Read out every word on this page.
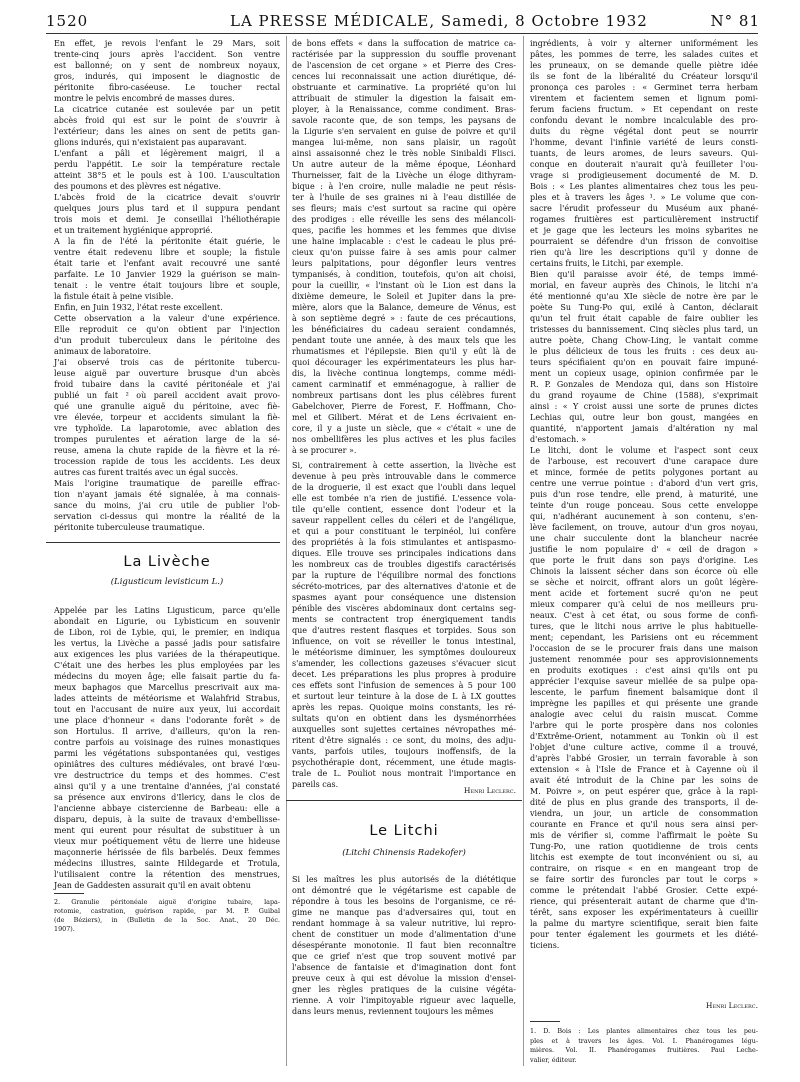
1520	LA PRESSE MÉDICALE, Samedi, 8 Octobre 1932	N° 81
En effet, je revois l'enfant le 29 Mars, soit
trente-cinq jours après l'accident. Son ventre
est ballonné; on y sent de nombreux noyaux,
gros, indurés, qui imposent le diagnostic de
péritonite fibro-caséeuse. Le toucher rectal
montre le pelvis encombré de masses dures.
La cicatrice cutanée est soulevée par un petit
abcès froid qui est sur le point de s'ouvrir à
l'extérieur; dans les aines on sent de petits gan-
glions indurés, qui n'existaient pas auparavant.
L'enfant a pâli et légèrement maigri, il a
perdu l'appétit. Le soir la température rectale
atteint 38°5 et le pouls est à 100. L'auscultation
des poumons et des plèvres est négative.
L'abcès froid de la cicatrice devait s'ouvrir
quelques jours plus tard et il suppura pendant
trois mois et demi. Je conseillai l'héliothérapie
et un traitement hygiénique approprié.
A la fin de l'été la péritonite était guérie, le
ventre était redevenu libre et souple; la fistule
était tarie et l'enfant avait recouvré une santé
parfaite. Le 10 Janvier 1929 la guérison se main-
tenait : le ventre était toujours libre et souple,
la fistule était à peine visible.
Enfin, en Juin 1932, l'état reste excellent.
Cette observation a la valeur d'une expérience.
Elle reproduit ce qu'on obtient par l'injection
d'un produit tuberculeux dans le péritoine des
animaux de laboratoire.
J'ai observé trois cas de péritonite tubercu-
leuse aiguë par ouverture brusque d'un abcès
froid tubaire dans la cavité péritonéale et j'ai
publié un fait ² où pareil accident avait provo-
qué une granulie aiguë du péritoine, avec fiè-
vre élevée, torpeur et accidents simulant la fiè-
vre typhoïde. La laparotomie, avec ablation des
trompes purulentes et aération large de la sé-
reuse, amena la chute rapide de la fièvre et la ré-
trocession rapide de tous les accidents. Les deux
autres cas furent traités avec un égal succès.
Mais l'origine traumatique de pareille effrac-
tion n'ayant jamais été signalée, à ma connais-
sance du moins, j'ai cru utile de publier l'ob-
servation ci-dessus qui montre la réalité de la
péritonite tuberculeuse traumatique.
La Livèche
(Ligusticum levisticum L.)
Appelée par les Latins Ligusticum, parce qu'elle
abondait en Ligurie, ou Lybisticum en souvenir
de Libon, roi de Lybie, qui, le premier, en indiqua
les vertus, la Livèche a passé jadis pour satisfaire
aux exigences les plus variées de la thérapeutique.
C'était une des herbes les plus employées par les
médecins du moyen âge; elle faisait partie du fa-
meux baphagos que Marcellus prescrivait aux ma-
lades atteints de météorisme et Walahfrid Strabus,
tout en l'accusant de nuire aux yeux, lui accordait
une place d'honneur « dans l'odorante forêt » de
son Hortulus. Il arrive, d'ailleurs, qu'on la ren-
contre parfois au voisinage des ruines monastiques
parmi les végétations subspontanées qui, vestiges
opiniâtres des cultures médiévales, ont bravé l'œu-
vre destructrice du temps et des hommes. C'est
ainsi qu'il y a une trentaine d'années, j'ai constaté
sa présence aux environs d'Ilericy, dans le clos de
l'ancienne abbaye cistercienne de Barbeau: elle a
disparu, depuis, à la suite de travaux d'embellisse-
ment qui eurent pour résultat de substituer à un
vieux mur poétiquement vêtu de lierre une hideuse
maçonnerie hérissée de fils barbelés. Deux femmes
médecins illustres, sainte Hildegarde et Trotula,
l'utilisaient contre la rétention des menstrues,
Jean de Gaddesten assurait qu'il en avait obtenu
2. Granulie péritonéale aiguë d'origine tubaire, lapa-
rotomie, castration, guérison rapide, par M. P. Guibal
(de Béziers), in (Bulletin de la Soc. Anat., 20 Déc.
1907).
de bons effets « dans la suffocation de matrice ca-
ractérisée par la suppression du souffle provenant
de l'ascension de cet organe » et Pierre des Cres-
cences lui reconnaissait une action diurétique, dé-
obstruante et carminative. La propriété qu'on lui
attribuait de stimuler la digestion la faisait em-
ployer, à la Renaissance, comme condiment. Bras-
savole raconte que, de son temps, les paysans de
la Ligurie s'en servaient en guise de poivre et qu'il
mangea lui-même, non sans plaisir, un ragoût
ainsi assaisonné chez le très noble Sinibaldi Flisci.
Un autre auteur de la même époque, Léonhard
Thurneisser, fait de la Livèche un éloge dithyram-
bique : à l'en croire, nulle maladie ne peut résis-
ter à l'huile de ses graines ni à l'eau distillée de
ses fleurs; mais c'est surtout sa racine qui opère
des prodiges : elle réveille les sens des mélancoli-
ques, pacifie les hommes et les femmes que divise
une haine implacable : c'est le cadeau le plus pré-
cieux qu'on puisse faire à ses amis pour calmer
leurs palpitations, pour dégonfler leurs ventres
tympanisés, à condition, toutefois, qu'on ait choisi,
pour la cueillir, « l'instant où le Lion est dans la
dixième demeure, le Soleil et Jupiter dans la pre-
mière, alors que la Balance, demeure de Vénus, est
à son septième degré » : faute de ces précautions,
les bénéficiaires du cadeau seraient condamnés,
pendant toute une année, à des maux tels que les
rhumatismes et l'épilepsie. Bien qu'il y eût là de
quoi décourager les expérimentateurs les plus har-
dis, la livèche continua longtemps, comme médi-
cament carminatif et emménagogue, à rallier de
nombreux partisans dont les plus célèbres furent
Gabelchover, Pierre de Forest, F. Hoffmann, Cho-
mel et Gilibert. Mérat et de Lens écrivaient en-
core, il y a juste un siècle, que « c'était « une de
nos ombellifères les plus actives et les plus faciles
à se procurer ».
Si, contrairement à cette assertion, la livèche est
devenue à peu près introuvable dans le commerce
de la droguerie, il est exact que l'oubli dans lequel
elle est tombée n'a rien de justifié. L'essence vola-
tile qu'elle contient, essence dont l'odeur et la
saveur rappellent celles du céleri et de l'angélique,
et qui a pour constituant le terpinéol, lui confère
des propriétés à la fois stimulantes et antispasmo-
diques. Elle trouve ses principales indications dans
les nombreux cas de troubles digestifs caractérisés
par la rupture de l'équilibre normal des fonctions
sécréto-motrices, par des alternatives d'atonie et de
spasmes ayant pour conséquence une distension
pénible des viscères abdominaux dont certains seg-
ments se contractent trop énergiquement tandis
que d'autres restent flasques et torpides. Sous son
influence, on voit se réveiller le tonus intestinal,
le météorisme diminuer, les symptômes douloureux
s'amender, les collections gazeuses s'évacuer sicut
decet. Les préparations les plus propres à produire
ces effets sont l'infusion de semences à 5 pour 100
et surtout leur teinture à la dose de L à LX gouttes
après les repas. Quoique moins constants, les ré-
sultats qu'on en obtient dans les dysménorrhées
auxquelles sont sujettes certaines névropathes mé-
ritent d'être signalés : ce sont, du moins, des adju-
vants, parfois utiles, toujours inoffensifs, de la
psychothérapie dont, récemment, une étude magis-
trale de L. Pouliot nous montrait l'importance en
pareils cas.
Henri Leclerc.
Le Litchi
(Litchi Chinensis Radekofer)
Si les maîtres les plus autorisés de la diététique
ont démontré que le végétarisme est capable de
répondre à tous les besoins de l'organisme, ce ré-
gime ne manque pas d'adversaires qui, tout en
rendant hommage à sa valeur nutritive, lui repro-
chent de constituer un mode d'alimentation d'une
désespérante monotonie. Il faut bien reconnaître
que ce grief n'est que trop souvent motivé par
l'absence de fantaisie et d'imagination dont font
preuve ceux à qui est dévolue la mission d'ensei-
gner les règles pratiques de la cuisine végéta-
rienne. A voir l'impitoyable rigueur avec laquelle,
dans leurs menus, reviennent toujours les mêmes
ingrédients, à voir y alterner uniformément les
pâtes, les pommes de terre, les salades cuites et
les pruneaux, on se demande quelle piètre idée
ils se font de la libéralité du Créateur lorsqu'il
prononça ces paroles : « Germinet terra herbam
virentem et facientem semen et lignum pomi-
ferum faciens fructum. » Et cependant on reste
confondu devant le nombre incalculable des pro-
duits du règne végétal dont peut se nourrir
l'homme, devant l'infinie variété de leurs consti-
tuants, de leurs aromes, de leurs saveurs. Qui-
conque en douterait n'aurait qu'à feuilleter l'ou-
vrage si prodigieusement documenté de M. D.
Bois : « Les plantes alimentaires chez tous les peu-
ples et à travers les âges ¹. » Le volume que con-
sacre l'érudit professeur du Muséum aux phané-
rogames fruitières est particulièrement instructif
et je gage que les lecteurs les moins sybarites ne
pourraient se défendre d'un frisson de convoitise
rien qu'à lire les descriptions qu'il y donne de
certains fruits, le Litchi, par exemple.
Bien qu'il paraisse avoir été, de temps immé-
morial, en faveur auprès des Chinois, le litchi n'a
été mentionné qu'au XIe siècle de notre ère par le
poète Su Tung-Po qui, exilé à Canton, déclarait
qu'un tel fruit était capable de faire oublier les
tristesses du bannissement. Cinq siècles plus tard, un
autre poète, Chang Chow-Ling, le vantait comme
le plus délicieux de tous les fruits : ces deux au-
teurs spécifiaient qu'on en pouvait faire impuné-
ment un copieux usage, opinion confirmée par le
R. P. Gonzales de Mendoza qui, dans son Histoire
du grand royaume de Chine (1588), s'exprimait
ainsi : « Y croist aussi une sorte de prunes dictes
Lechias qui, outre leur bon goust, mangées en
quantité, n'apportent jamais d'altération ny mal
d'estomach. »
Le litchi, dont le volume et l'aspect sont ceux
de l'arbouse, est recouvert d'une carapace dure
et mince, formée de petits polygones portant au
centre une verrue pointue : d'abord d'un vert gris,
puis d'un rose tendre, elle prend, à maturité, une
teinte d'un rouge ponceau. Sous cette enveloppe
qui, n'adhérant aucunement à son contenu, s'en-
lève facilement, on trouve, autour d'un gros noyau,
une chair succulente dont la blancheur nacrée
justifie le nom populaire d' « œil de dragon »
que porte le fruit dans son pays d'origine. Les
Chinois la laissent sécher dans son écorce où elle
se sèche et noircit, offrant alors un goût légère-
ment acide et fortement sucré qu'on ne peut
mieux comparer qu'à celui de nos meilleurs pru-
neaux. C'est à cet état, ou sous forme de confi-
tures, que le litchi nous arrive le plus habituelle-
ment; cependant, les Parisiens ont eu récemment
l'occasion de se le procurer frais dans une maison
justement renommée pour ses approvisionnements
en produits exotiques : c'est ainsi qu'ils ont pu
apprécier l'exquise saveur miellée de sa pulpe opa-
lescente, le parfum finement balsamique dont il
imprègne les papilles et qui présente une grande
analogie avec celui du raisin muscat. Comme
l'arbre qui le porte prospère dans nos colonies
d'Extrême-Orient, notamment au Tonkin où il est
l'objet d'une culture active, comme il a trouvé,
d'après l'abbé Grosier, un terrain favorable à son
extension « à l'Isle de France et à Cayenne où il
avait été introduit de la Chine par les soins de
M. Poivre », on peut espérer que, grâce à la rapi-
dité de plus en plus grande des transports, il de-
viendra, un jour, un article de consommation
courante en France et qu'il nous sera ainsi per-
mis de vérifier si, comme l'affirmait le poète Su
Tung-Po, une ration quotidienne de trois cents
litchis est exempte de tout inconvénient ou si, au
contraire, on risque « en en mangeant trop de
se faire sortir des furoncles par tout le corps »
comme le prétendait l'abbé Grosier. Cette expé-
rience, qui présenterait autant de charme que d'in-
térêt, sans exposer les expérimentateurs à cueillir
la palme du martyre scientifique, serait bien faite
pour tenter également les gourmets et les diété-
ticiens.
Henri Leclerc.
1. D. Bois : Les plantes alimentaires chez tous les peu-
ples et à travers les âges. Vol. I. Phanérogames légu-
mières. Vol. II. Phanérogames fruitières. Paul Leche-
valier, éditeur.
